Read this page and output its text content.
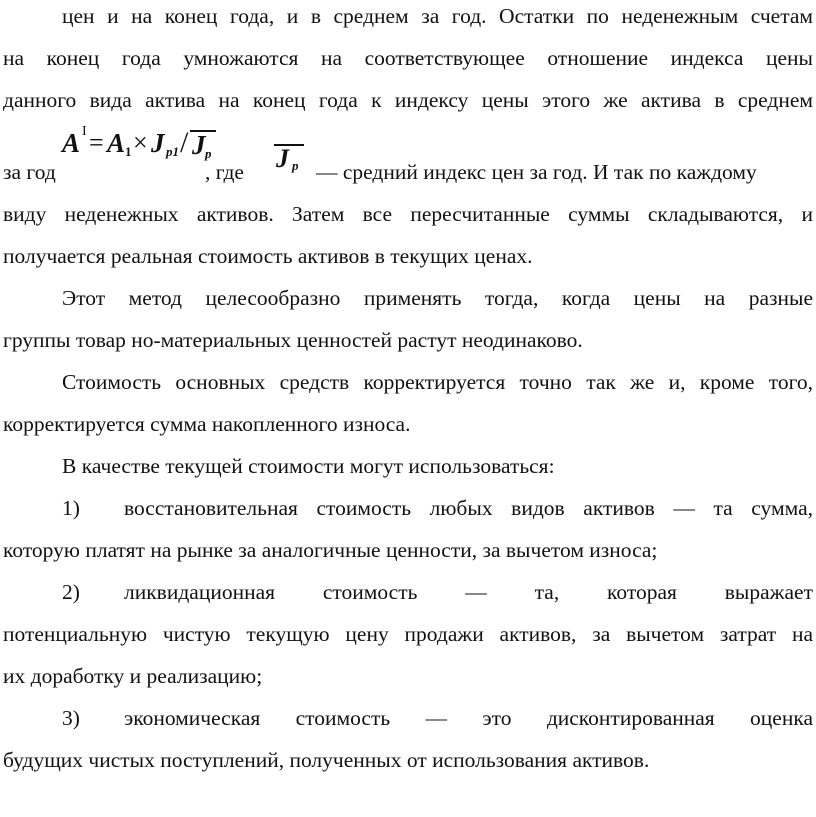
цен и на конец года, и в среднем за год. Остатки по неденежным счетам
на конец года умножаются на соответствующее отношение индекса цены
данного вида актива на конец года к индексу цены этого же актива в среднем
за год
A I = A 1 × J p1 / J p
, где J p — средний индекс цен за год. И так по каждому
виду неденежных активов. Затем все пересчитанные суммы складываются, и
получается реальная стоимость активов в текущих ценах.
Этот метод целесообразно применять тогда, когда цены на разные
группы товар но-материальных ценностей растут неодинаково.
Стоимость основных средств корректируется точно так же и, кроме того,
корректируется сумма накопленного износа.
В качестве текущей стоимости могут использоваться:
1) восстановительная стоимость любых видов активов — та сумма,
которую платят на рынке за аналогичные ценности, за вычетом износа;
2) ликвидационная стоимость — та, которая выражает
потенциальную чистую текущую цену продажи активов, за вычетом затрат на
их доработку и реализацию;
3) экономическая стоимость — это дисконтированная оценка
будущих чистых поступлений, полученных от использования активов.
